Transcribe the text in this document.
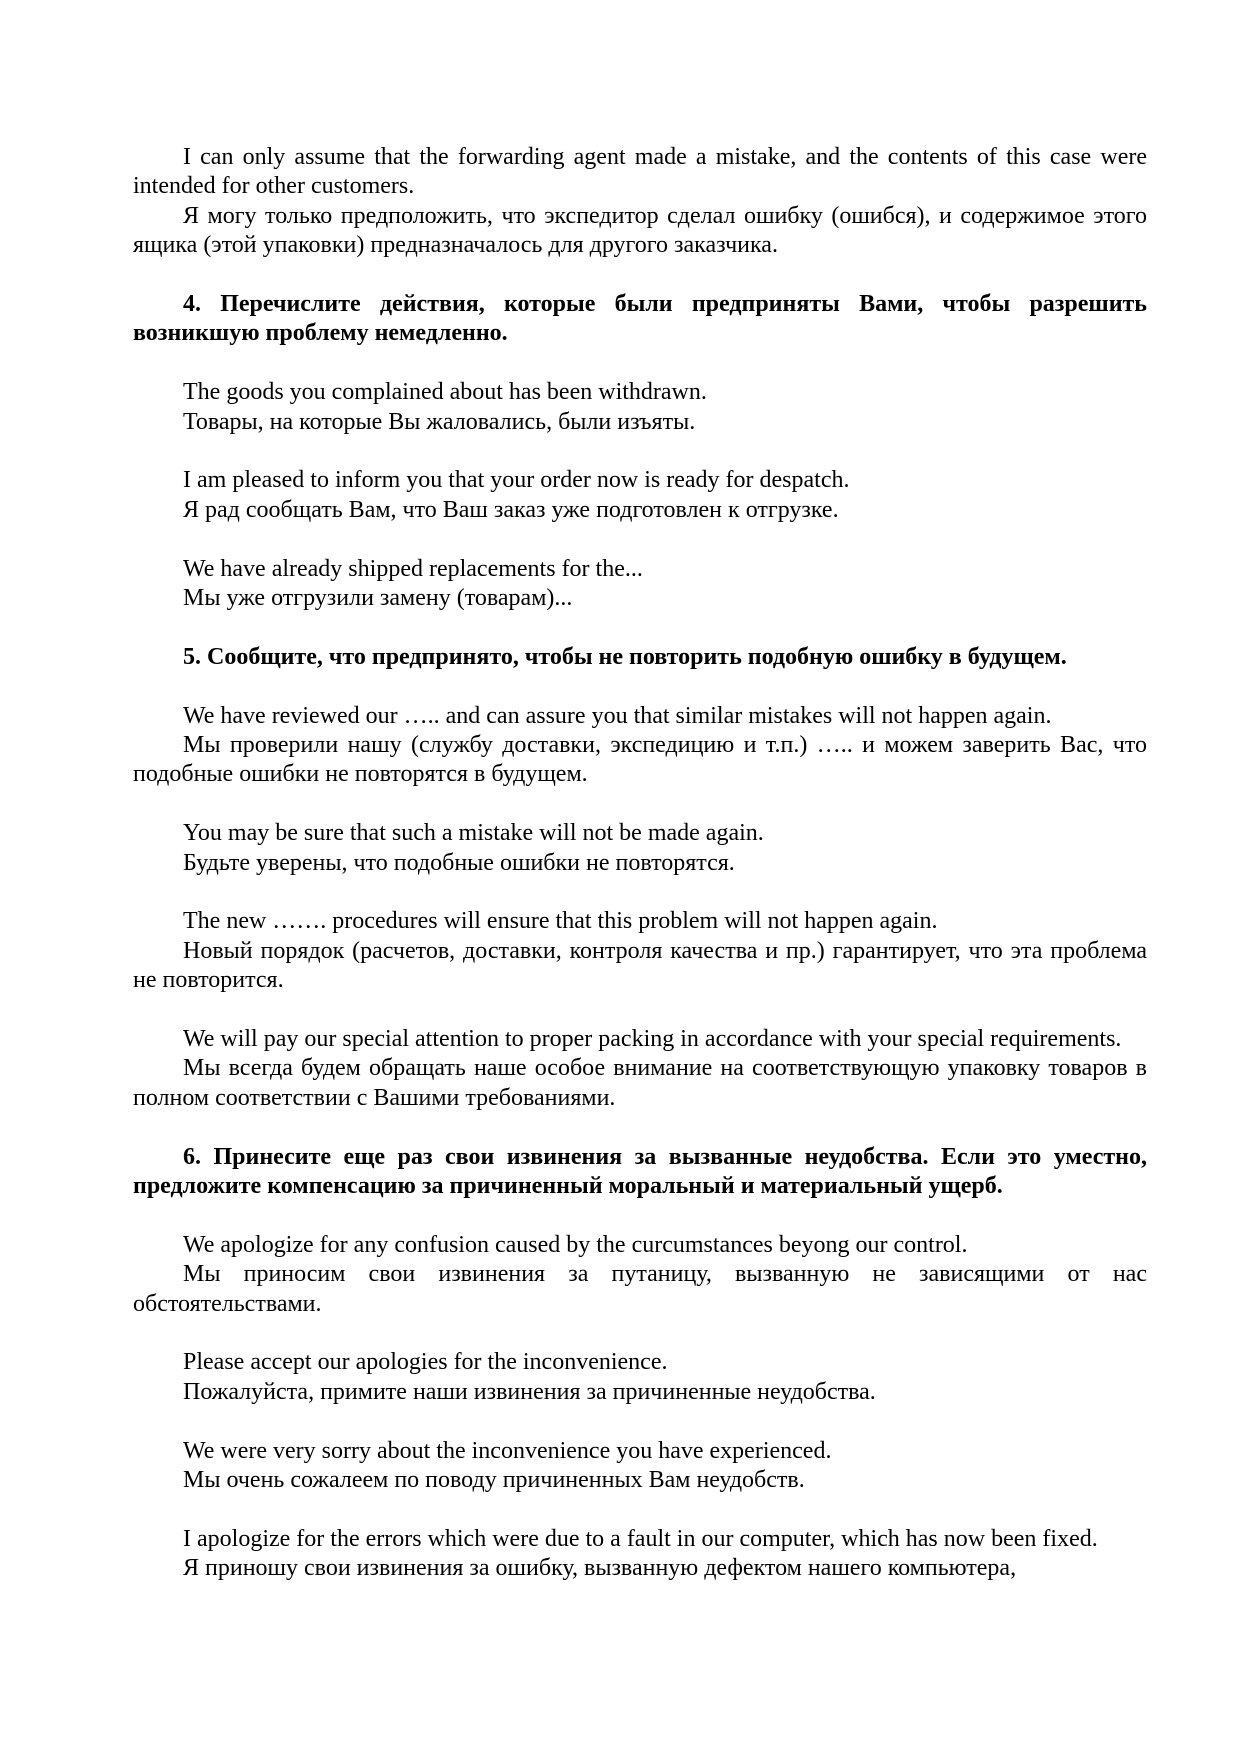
I can only assume that the forwarding agent made a mistake, and the contents of this case were intended for other customers.

Я могу только предположить, что экспедитор сделал ошибку (ошибся), и содержимое этого ящика (этой упаковки) предназначалось для другого заказчика.

4. Перечислите действия, которые были предприняты Вами, чтобы разрешить возникшую проблему немедленно.

The goods you complained about has been withdrawn.

Товары, на которые Вы жаловались, были изъяты.

I am pleased to inform you that your order now is ready for despatch.

Я рад сообщать Вам, что Ваш заказ уже подготовлен к отгрузке.

We have already shipped replacements for the...

Мы уже отгрузили замену (товарам)...

5. Сообщите, что предпринято, чтобы не повторить подобную ошибку в будущем.

We have reviewed our ….. and can assure you that similar mistakes will not happen again.

Мы проверили нашу (службу доставки, экспедицию и т.п.) ….. и можем заверить Вас, что подобные ошибки не повторятся в будущем.

You may be sure that such a mistake will not be made again.

Будьте уверены, что подобные ошибки не повторятся.

The new ……. procedures will ensure that this problem will not happen again.

Новый порядок (расчетов, доставки, контроля качества и пр.) гарантирует, что эта проблема не повторится.

We will pay our special attention to proper packing in accordance with your special requirements.

Мы всегда будем обращать наше особое внимание на соответствующую упаковку товаров в полном соответствии с Вашими требованиями.

6. Принесите еще раз свои извинения за вызванные неудобства. Если это уместно, предложите компенсацию за причиненный моральный и материальный ущерб.

We apologize for any confusion caused by the curcumstances beyong our control.

Мы приносим свои извинения за путаницу, вызванную не зависящими от нас обстоятельствами.

Please accept our apologies for the inconvenience.

Пожалуйста, примите наши извинения за причиненные неудобства.

We were very sorry about the inconvenience you have experienced.

Мы очень сожалеем по поводу причиненных Вам неудобств.

I apologize for the errors which were due to a fault in our computer, which has now been fixed.

Я приношу свои извинения за ошибку, вызванную дефектом нашего компьютера,
